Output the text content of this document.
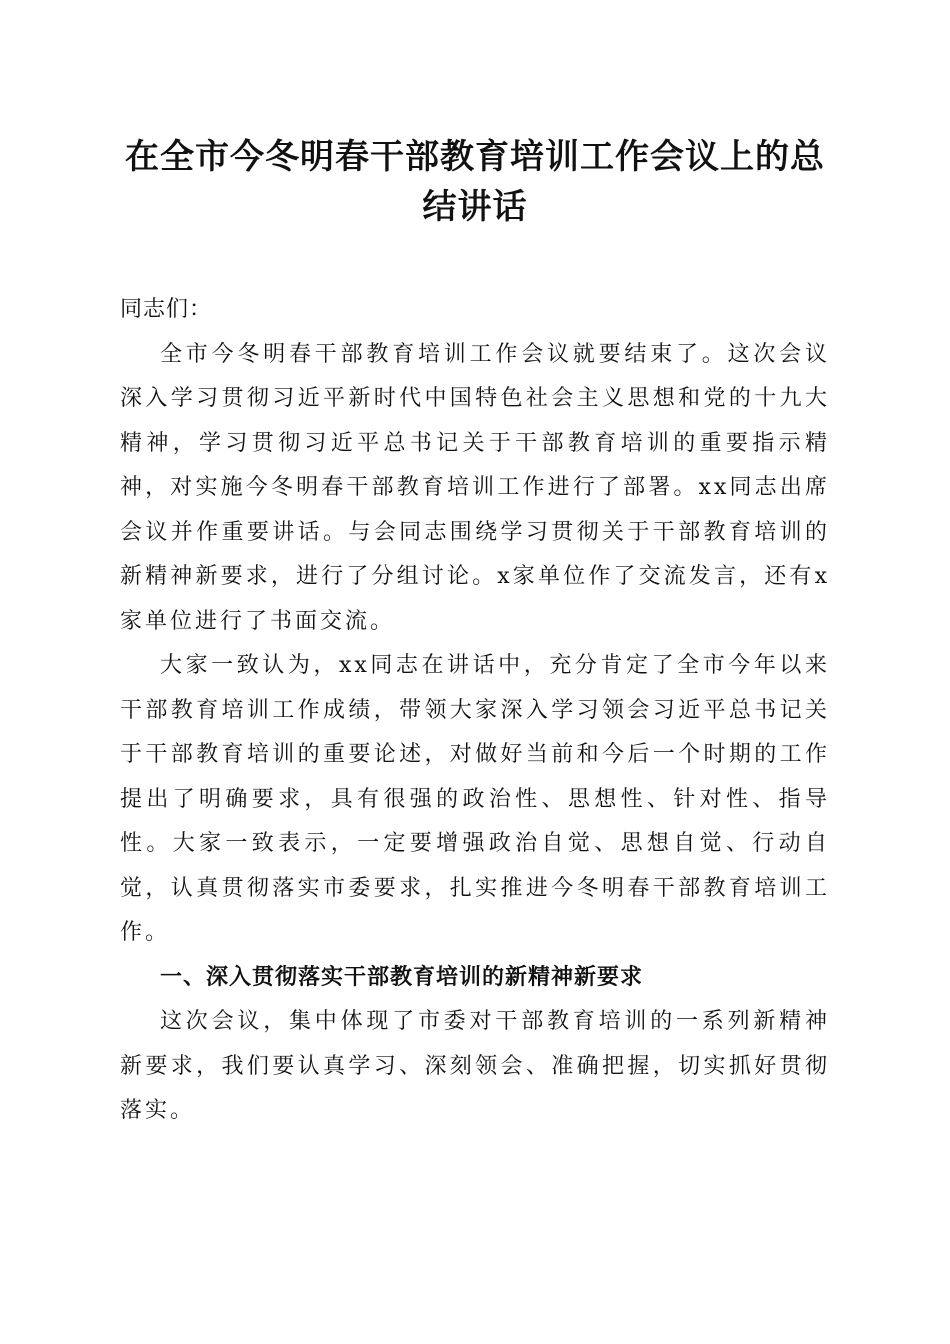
在全市今冬明春干部教育培训工作会议上的总
结讲话

同志们：

全市今冬明春干部教育培训工作会议就要结束了。这次会议深入学习贯彻习近平新时代中国特色社会主义思想和党的十九大精神，学习贯彻习近平总书记关于干部教育培训的重要指示精神，对实施今冬明春干部教育培训工作进行了部署。xx同志出席会议并作重要讲话。与会同志围绕学习贯彻关于干部教育培训的新精神新要求，进行了分组讨论。x家单位作了交流发言，还有x家单位进行了书面交流。

大家一致认为，xx同志在讲话中，充分肯定了全市今年以来干部教育培训工作成绩，带领大家深入学习领会习近平总书记关于干部教育培训的重要论述，对做好当前和今后一个时期的工作提出了明确要求，具有很强的政治性、思想性、针对性、指导性。大家一致表示，一定要增强政治自觉、思想自觉、行动自觉，认真贯彻落实市委要求，扎实推进今冬明春干部教育培训工作。

一、深入贯彻落实干部教育培训的新精神新要求

这次会议，集中体现了市委对干部教育培训的一系列新精神新要求，我们要认真学习、深刻领会、准确把握，切实抓好贯彻落实。
